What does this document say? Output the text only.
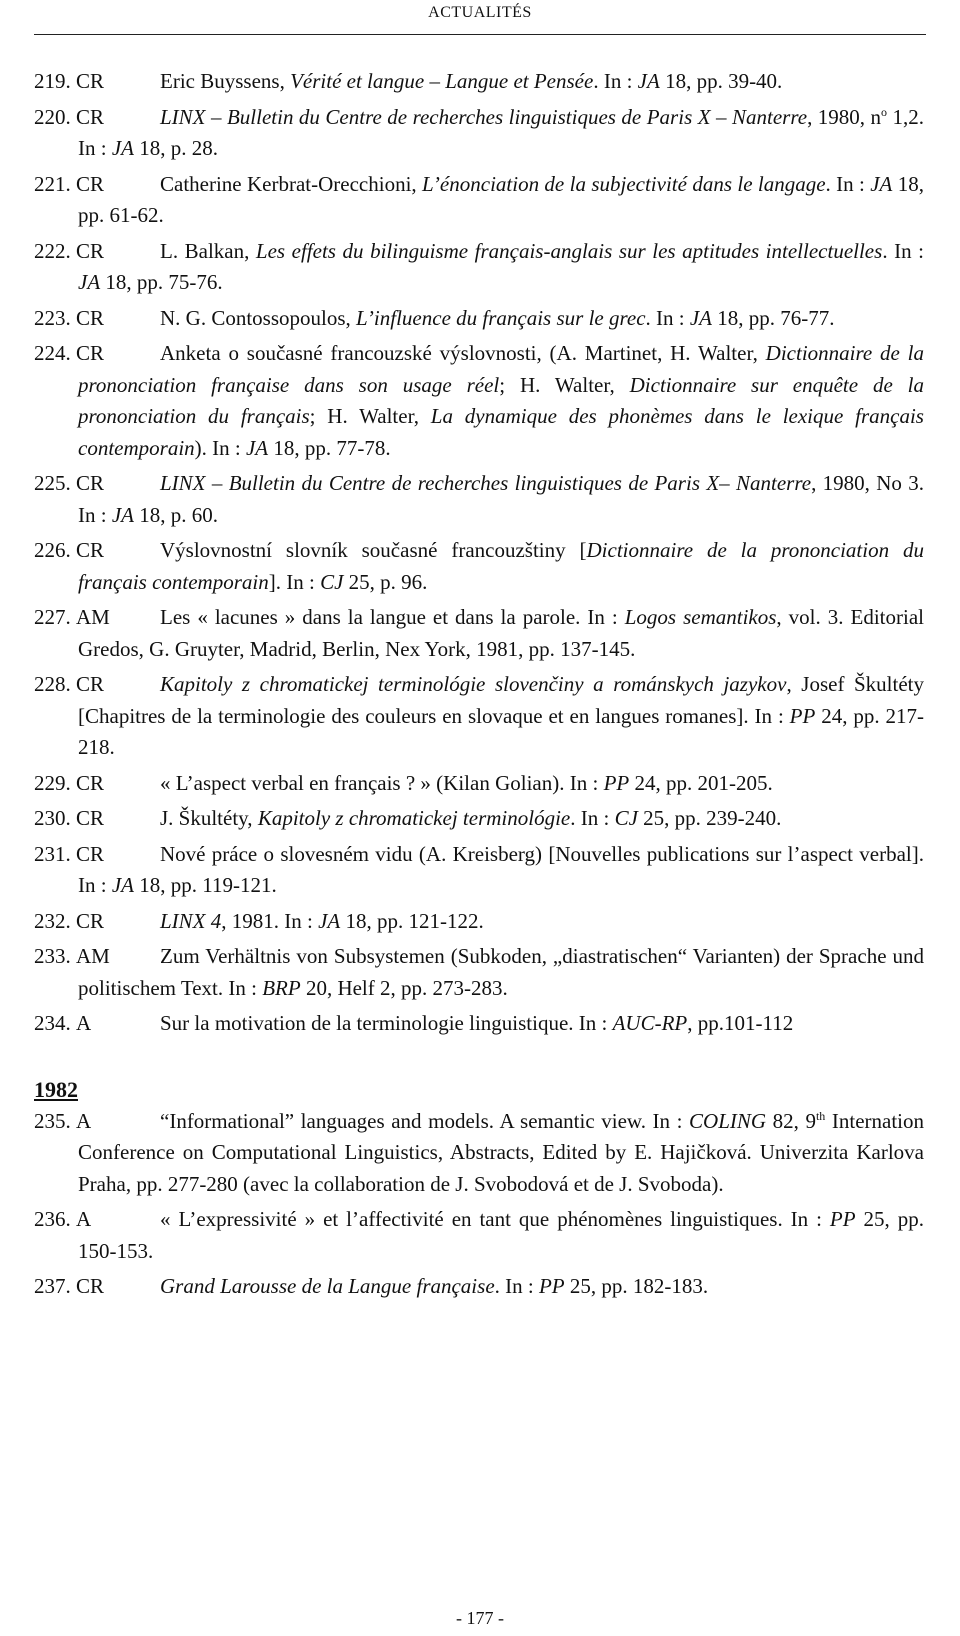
ACTUALITÉS
219. CR	Eric Buyssens, Vérité et langue – Langue et Pensée. In : JA 18, pp. 39-40.
220. CR	LINX – Bulletin du Centre de recherches linguistiques de Paris X – Nanterre, 1980, $n^o$ 1,2. In : JA 18, p. 28.
221. CR	Catherine Kerbrat-Orecchioni, L’énonciation de la subjectivité dans le langage. In : JA 18, pp. 61-62.
222. CR	L. Balkan, Les effets du bilinguisme français-anglais sur les aptitudes intellectuelles. In : JA 18, pp. 75-76.
223. CR	N. G. Contossopoulos, L’influence du français sur le grec. In : JA 18, pp. 76-77.
224. CR	Anketa o současné francouzské výslovnosti, (A. Martinet, H. Walter, Dictionnaire de la prononciation française dans son usage réel; H. Walter, Dictionnaire sur enquête de la prononciation du français; H. Walter, La dynamique des phonèmes dans le lexique français contemporain). In : JA 18, pp. 77-78.
225. CR	LINX – Bulletin du Centre de recherches linguistiques de Paris X– Nanterre, 1980, No 3. In : JA 18, p. 60.
226. CR	Výslovnostní slovník současné francouzštiny [Dictionnaire de la prononciation du français contemporain]. In : CJ 25, p. 96.
227. AM Les « lacunes » dans la langue et dans la parole. In : Logos semantikos, vol. 3. Editorial Gredos, G. Gruyter, Madrid, Berlin, Nex York, 1981, pp. 137-145.
228. CR	Kapitoly z chromatickej terminológie slovenčiny a románskych jazykov, Josef Škultéty [Chapitres de la terminologie des couleurs en slovaque et en langues romanes]. In : PP 24, pp. 217-218.
229. CR	« L’aspect verbal en français ? » (Kilan Golian). In : PP 24, pp. 201-205.
230. CR	J. Škultéty, Kapitoly z chromatickej terminológie. In : CJ 25, pp. 239-240.
231. CR	Nové práce o slovesném vidu (A. Kreisberg) [Nouvelles publications sur l’aspect verbal]. In : JA 18, pp. 119-121.
232. CR	LINX 4, 1981. In : JA 18, pp. 121-122.
233. AM Zum Verhältnis von Subsystemen (Subkoden, „diastratischen“ Varianten) der Sprache und politischem Text. In : BRP 20, Helf 2, pp. 273-283.
234. A	Sur la motivation de la terminologie linguistique. In : AUC-RP, pp.101-112
1982
235. A	“Informational” languages and models. A semantic view. In : COLING 82, 9th Internation Conference on Computational Linguistics, Abstracts, Edited by E. Hajičková. Univerzita Karlova Praha, pp. 277-280 (avec la collaboration de J. Svobodová et de J. Svoboda).
236. A	« L’expressivité » et l’affectivité en tant que phénomènes linguistiques. In : PP 25, pp. 150-153.
237. CR	Grand Larousse de la Langue française. In : PP 25, pp. 182-183.
- 177 -
